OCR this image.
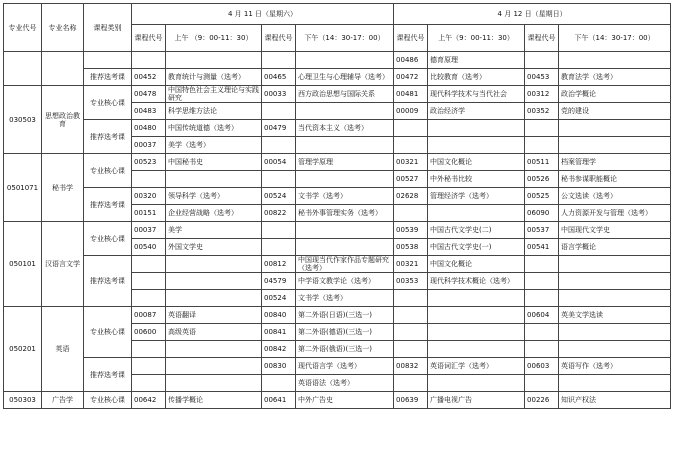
专业代号	专业名称	课程类别	4 月 11 日（星期六）				4 月 12 日（星期日）			
			课程代号	上午 （9：00-11：30）	课程代号	下午（14：30-17：00）	课程代号	上午（9：00-11：30）	课程代号	下午（14：30-17：00）
							00486	德育原理		
		推荐选考课	00452	教育统计与测量（选考）	00465	心理卫生与心理辅导（选考）	00472	比较教育（选考）	00453	教育法学（选考）
030503	思想政治教育	专业核心课	00478	中国特色社会主义理论与实践研究	00033	西方政治思想与国际关系	00481	现代科学技术与当代社会	00312	政治学概论
			00483	科学思维方法论			00009	政治经济学	00352	党的建设
		推荐选考课	00480	中国传统道德（选考）	00479	当代资本主义（选考）				
			00037	美学（选考）						
0501071	秘书学	专业核心课	00523	中国秘书史	00054	管理学原理	00321	中国文化概论	00511	档案管理学
							00527	中外秘书比较	00526	秘书参谋职能概论
		推荐选考课	00320	领导科学（选考）	00524	文书学（选考）	02628	管理经济学（选考）	00525	公文选读（选考）
			00151	企业经营战略（选考）	00822	秘书外事管理实务（选考）			06090	人力资源开发与管理（选考）
050101	汉语言文学	专业核心课	00037	美学			00539	中国古代文学史(二)	00537	中国现代文学史
			00540	外国文学史			00538	中国古代文学史(一)	00541	语言学概论
		推荐选考课			00812	中国现当代作家作品专题研究（选考）	00321	中国文化概论		
					04579	中学语文教学论（选考）	00353	现代科学技术概论（选考）		
					00524	文书学（选考）				
050201	英语	专业核心课	00087	英语翻译	00840	第二外语(日语)(三选一)			00604	英美文学选读
			00600	高级英语	00841	第二外语(德语)(三选一)				
					00842	第二外语(俄语)(三选一)				
		推荐选考课			00830	现代语言学（选考）	00832	英语词汇学（选考）	00603	英语写作（选考）
						英语语法（选考）				
050303	广告学	专业核心课	00642	传播学概论	00641	中外广告史	00639	广播电视广告	00226	知识产权法
